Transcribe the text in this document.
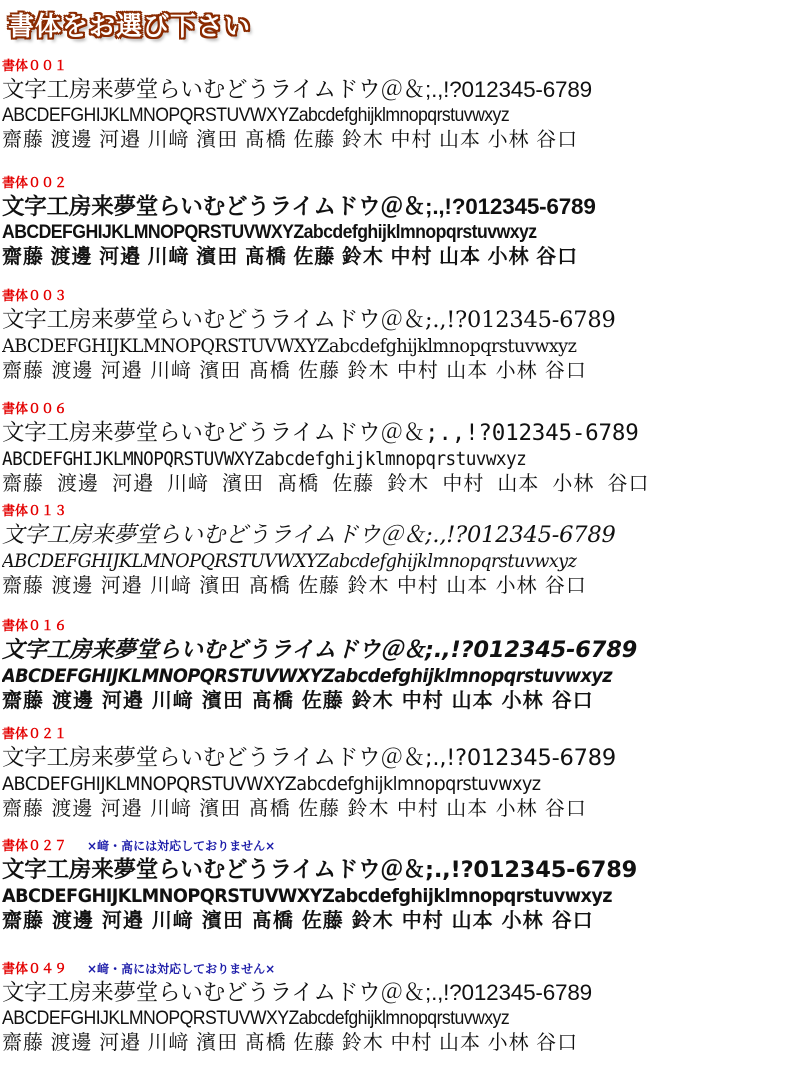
書体をお選び下さい
書体００１
文字工房来夢堂らいむどうライムドウ＠＆;.,!?012345-6789
ABCDEFGHIJKLMNOPQRSTUVWXYZabcdefghijklmnopqrstuvwxyz
齋藤 渡邊 河邉 川﨑 濱田 髙橋 佐藤 鈴木 中村 山本 小林 谷口
書体００２
文字工房来夢堂らいむどうライムドウ＠＆;.,!?012345-6789
ABCDEFGHIJKLMNOPQRSTUVWXYZabcdefghijklmnopqrstuvwxyz
齋藤 渡邊 河邉 川﨑 濱田 髙橋 佐藤 鈴木 中村 山本 小林 谷口
書体００３
文字工房来夢堂らいむどうライムドウ＠＆;.,!?012345-6789
ABCDEFGHIJKLMNOPQRSTUVWXYZabcdefghijklmnopqrstuvwxyz
齋藤 渡邊 河邉 川﨑 濱田 髙橋 佐藤 鈴木 中村 山本 小林 谷口
書体００６
文字工房来夢堂らいむどうライムドウ＠＆;.,!?012345-6789
ABCDEFGHIJKLMNOPQRSTUVWXYZabcdefghijklmnopqrstuvwxyz
齋藤 渡邊 河邉 川﨑 濱田 髙橋 佐藤 鈴木 中村 山本 小林 谷口
書体０１３
文字工房来夢堂らいむどうライムドウ＠＆;.,!?012345-6789
ABCDEFGHIJKLMNOPQRSTUVWXYZabcdefghijklmnopqrstuvwxyz
齋藤 渡邊 河邉 川﨑 濱田 髙橋 佐藤 鈴木 中村 山本 小林 谷口
書体０１６
文字工房来夢堂らいむどうライムドウ＠＆;.,!?012345-6789
ABCDEFGHIJKLMNOPQRSTUVWXYZabcdefghijklmnopqrstuvwxyz
齋藤 渡邊 河邉 川﨑 濱田 髙橋 佐藤 鈴木 中村 山本 小林 谷口
書体０２１
文字工房来夢堂らいむどうライムドウ＠＆;.,!?012345-6789
ABCDEFGHIJKLMNOPQRSTUVWXYZabcdefghijklmnopqrstuvwxyz
齋藤 渡邊 河邉 川﨑 濱田 髙橋 佐藤 鈴木 中村 山本 小林 谷口
書体０２７ ×﨑・髙には対応しておりません×
文字工房来夢堂らいむどうライムドウ＠＆;.,!?012345-6789
ABCDEFGHIJKLMNOPQRSTUVWXYZabcdefghijklmnopqrstuvwxyz
齋藤 渡邊 河邉 川﨑 濱田 髙橋 佐藤 鈴木 中村 山本 小林 谷口
書体０４９ ×﨑・髙には対応しておりません×
文字工房来夢堂らいむどうライムドウ＠＆;.,!?012345-6789
ABCDEFGHIJKLMNOPQRSTUVWXYZabcdefghijklmnopqrstuvwxyz
齋藤 渡邊 河邉 川﨑 濱田 髙橋 佐藤 鈴木 中村 山本 小林 谷口
